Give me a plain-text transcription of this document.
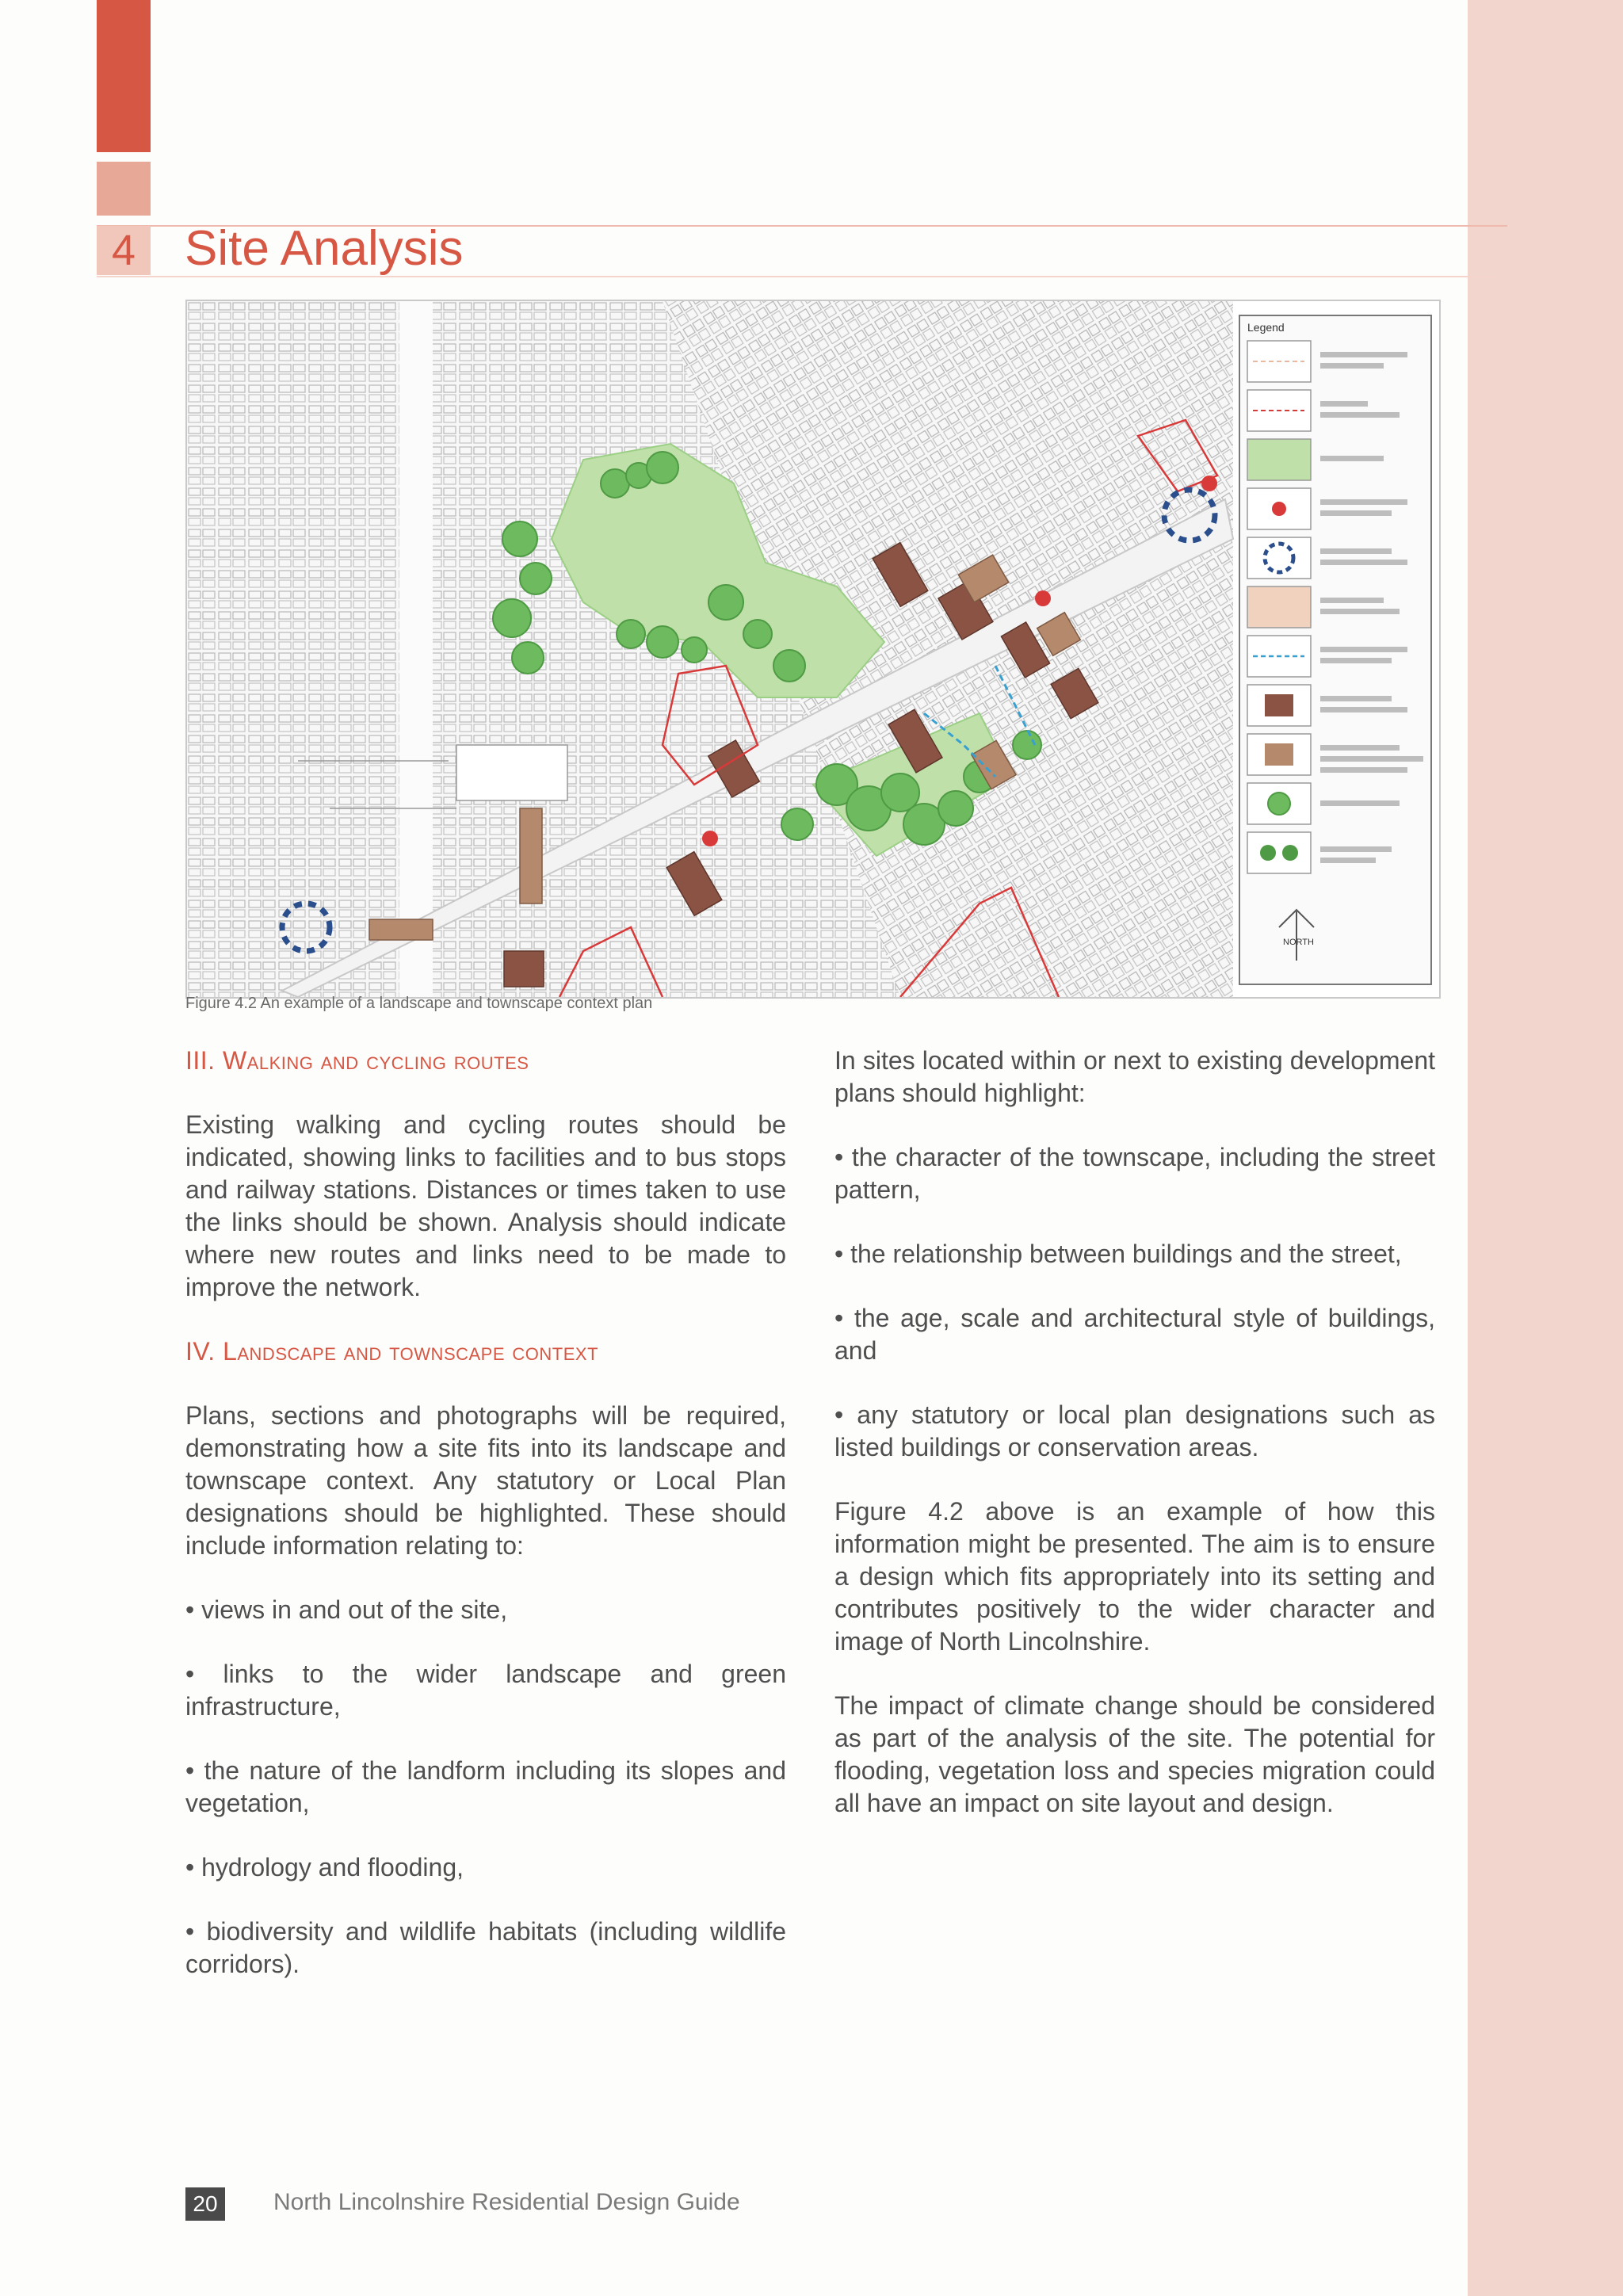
4 Site Analysis
Legend
NORTH
Figure 4.2 An example of a landscape and townscape context plan

III. Walking and cycling routes

Existing walking and cycling routes should be indicated, showing links to facilities and to bus stops and railway stations. Distances or times taken to use the links should be shown. Analysis should indicate where new routes and links need to be made to improve the network.

IV. Landscape and townscape context

Plans, sections and photographs will be required, demonstrating how a site fits into its landscape and townscape context. Any statutory or Local Plan designations should be highlighted. These should include information relating to:

• views in and out of the site,

• links to the wider landscape and green infrastructure,

• the nature of the landform including its slopes and vegetation,

• hydrology and flooding,

• biodiversity and wildlife habitats (including wildlife corridors).

In sites located within or next to existing development plans should highlight:

• the character of the townscape, including the street pattern,

• the relationship between buildings and the street,

• the age, scale and architectural style of buildings, and

• any statutory or local plan designations such as listed buildings or conservation areas.

Figure 4.2 above is an example of how this information might be presented. The aim is to ensure a design which fits appropriately into its setting and contributes positively to the wider character and image of North Lincolnshire.

The impact of climate change should be considered as part of the analysis of the site. The potential for flooding, vegetation loss and species migration could all have an impact on site layout and design.

20	North Lincolnshire Residential Design Guide
